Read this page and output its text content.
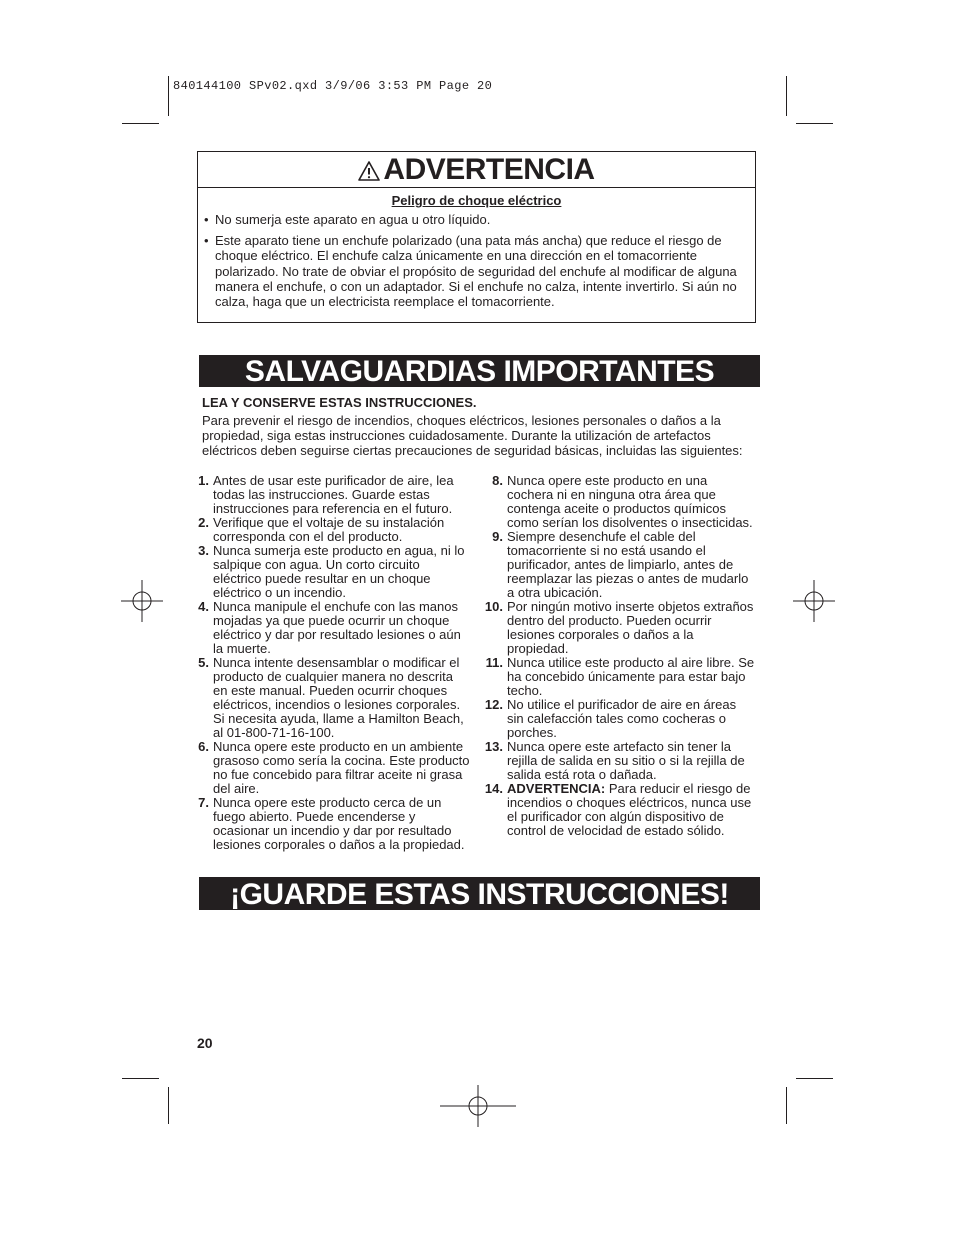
840144100 SPv02.qxd 3/9/06 3:53 PM Page 20
ADVERTENCIA
Peligro de choque eléctrico
• No sumerja este aparato en agua u otro líquido.
• Este aparato tiene un enchufe polarizado (una pata más ancha) que reduce el riesgo de choque eléctrico. El enchufe calza únicamente en una dirección en el tomacorriente polarizado. No trate de obviar el propósito de seguridad del enchufe al modificar de alguna manera el enchufe, o con un adaptador. Si el enchufe no calza, intente invertirlo. Si aún no calza, haga que un electricista reemplace el tomacorriente.
SALVAGUARDIAS IMPORTANTES
LEA Y CONSERVE ESTAS INSTRUCCIONES.
Para prevenir el riesgo de incendios, choques eléctricos, lesiones personales o daños a la propiedad, siga estas instrucciones cuidadosamente. Durante la utilización de artefactos eléctricos deben seguirse ciertas precauciones de seguridad básicas, incluidas las siguientes:
1. Antes de usar este purificador de aire, lea todas las instrucciones. Guarde estas instrucciones para referencia en el futuro.
2. Verifique que el voltaje de su instalación corresponda con el del producto.
3. Nunca sumerja este producto en agua, ni lo salpique con agua. Un corto circuito eléctrico puede resultar en un choque eléctrico o un incendio.
4. Nunca manipule el enchufe con las manos mojadas ya que puede ocurrir un choque eléctrico y dar por resultado lesiones o aún la muerte.
5. Nunca intente desensamblar o modificar el producto de cualquier manera no descrita en este manual. Pueden ocurrir choques eléctricos, incendios o lesiones corporales. Si necesita ayuda, llame a Hamilton Beach, al 01-800-71-16-100.
6. Nunca opere este producto en un ambiente grasoso como sería la cocina. Este producto no fue concebido para filtrar aceite ni grasa del aire.
7. Nunca opere este producto cerca de un fuego abierto. Puede encenderse y ocasionar un incendio y dar por resultado lesiones corporales o daños a la propiedad.
8. Nunca opere este producto en una cochera ni en ninguna otra área que contenga aceite o productos químicos como serían los disolventes o insecticidas.
9. Siempre desenchufe el cable del tomacorriente si no está usando el purificador, antes de limpiarlo, antes de reemplazar las piezas o antes de mudarlo a otra ubicación.
10. Por ningún motivo inserte objetos extraños dentro del producto. Pueden ocurrir lesiones corporales o daños a la propiedad.
11. Nunca utilice este producto al aire libre. Se ha concebido únicamente para estar bajo techo.
12. No utilice el purificador de aire en áreas sin calefacción tales como cocheras o porches.
13. Nunca opere este artefacto sin tener la rejilla de salida en su sitio o si la rejilla de salida está rota o dañada.
14. ADVERTENCIA: Para reducir el riesgo de incendios o choques eléctricos, nunca use el purificador con algún dispositivo de control de velocidad de estado sólido.
¡GUARDE ESTAS INSTRUCCIONES!
20
